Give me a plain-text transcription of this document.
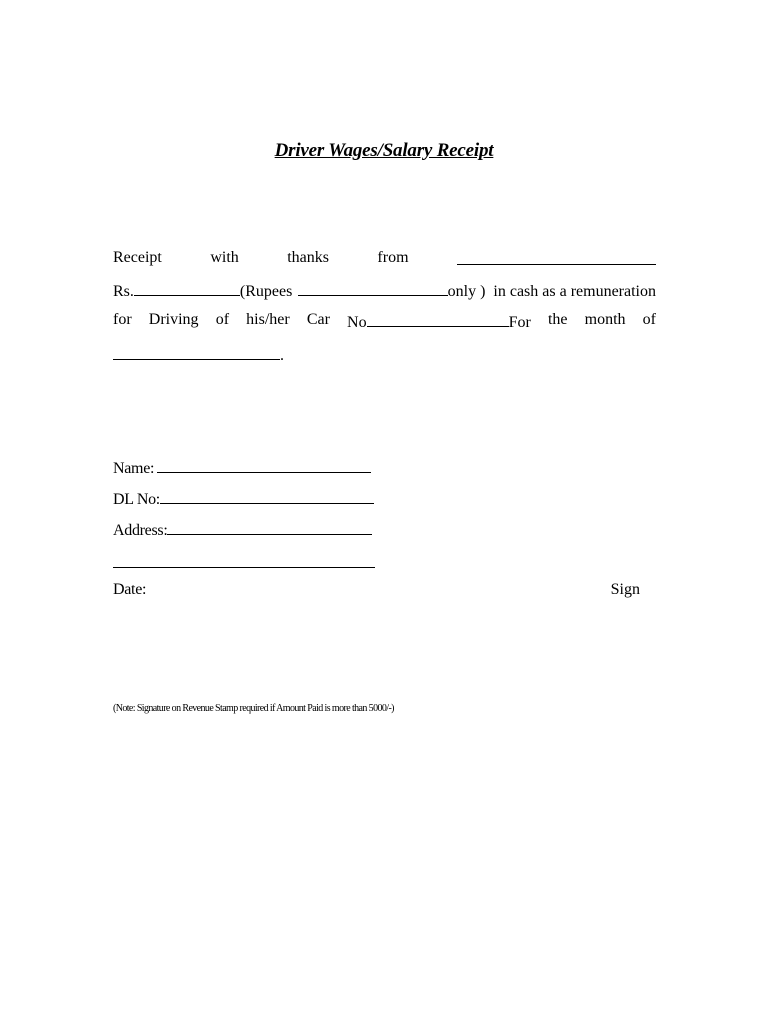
Driver Wages/Salary Receipt
Receipt	with	thanks	from
Rs.	(Rupees	only )  in cash as a remuneration
for Driving of his/her Car No	For the month of
.
Name:
DL No:
Address:
Date:	Sign
(Note: Signature on Revenue Stamp required if Amount Paid is more than 5000/-)
